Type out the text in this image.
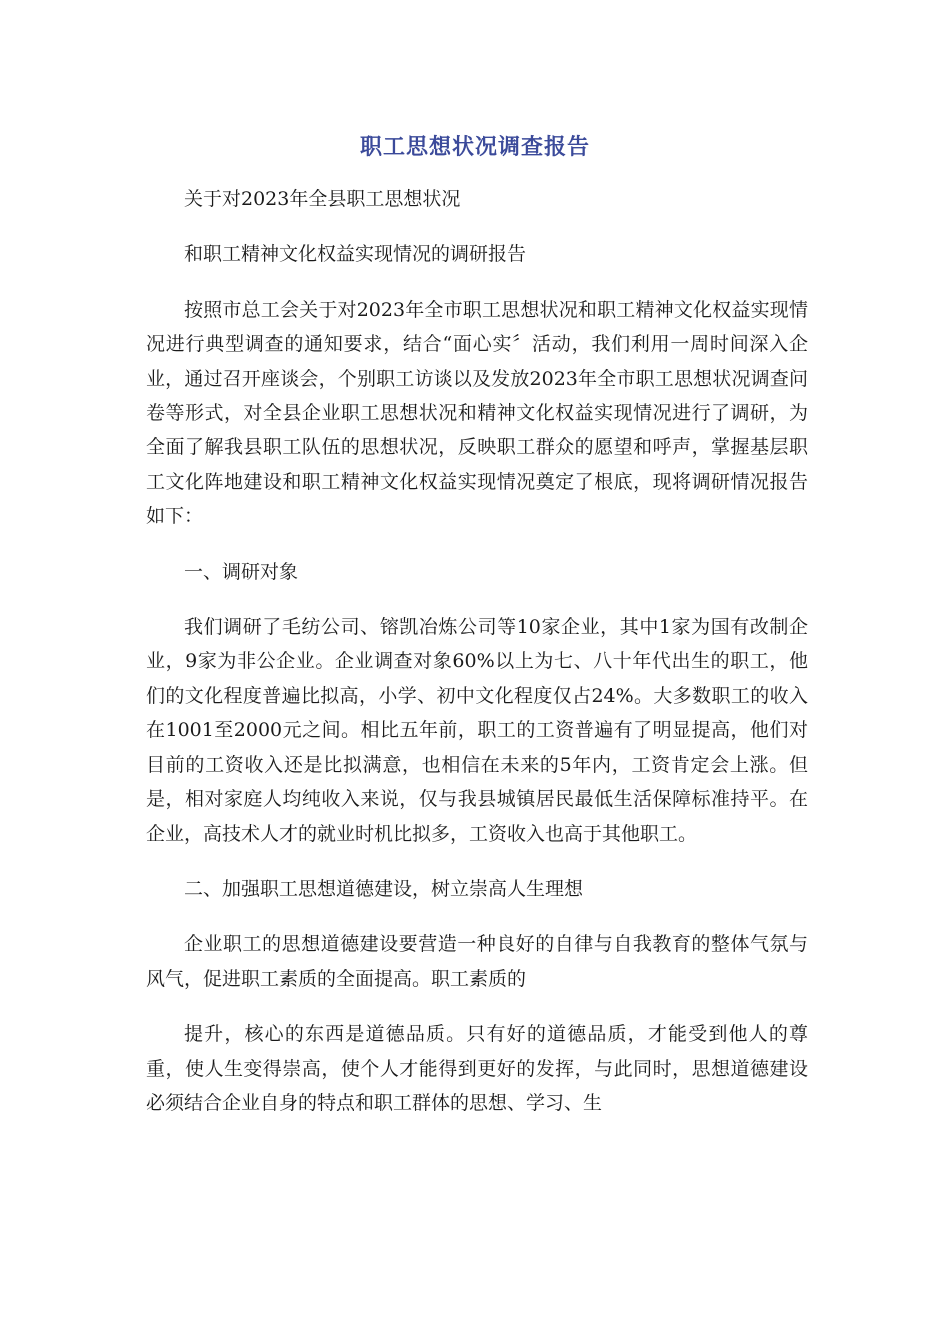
职工思想状况调查报告

关于对2023年全县职工思想状况

和职工精神文化权益实现情况的调研报告

按照市总工会关于对2023年全市职工思想状况和职工精神文化权益实现情况进行典型调查的通知要求，结合“面心实〞活动，我们利用一周时间深入企业，通过召开座谈会，个别职工访谈以及发放2023年全市职工思想状况调查问卷等形式，对全县企业职工思想状况和精神文化权益实现情况进行了调研，为全面了解我县职工队伍的思想状况，反映职工群众的愿望和呼声，掌握基层职工文化阵地建设和职工精神文化权益实现情况奠定了根底，现将调研情况报告如下：

一、调研对象

我们调研了毛纺公司、镕凯冶炼公司等10家企业，其中1家为国有改制企业，9家为非公企业。企业调查对象60%以上为七、八十年代出生的职工，他们的文化程度普遍比拟高，小学、初中文化程度仅占24%。大多数职工的收入在1001至2000元之间。相比五年前，职工的工资普遍有了明显提高，他们对目前的工资收入还是比拟满意，也相信在未来的5年内，工资肯定会上涨。但是，相对家庭人均纯收入来说，仅与我县城镇居民最低生活保障标准持平。在企业，高技术人才的就业时机比拟多，工资收入也高于其他职工。

二、加强职工思想道德建设，树立崇高人生理想

企业职工的思想道德建设要营造一种良好的自律与自我教育的整体气氛与风气，促进职工素质的全面提高。职工素质的

提升，核心的东西是道德品质。只有好的道德品质，才能受到他人的尊重，使人生变得崇高，使个人才能得到更好的发挥，与此同时，思想道德建设必须结合企业自身的特点和职工群体的思想、学习、生
